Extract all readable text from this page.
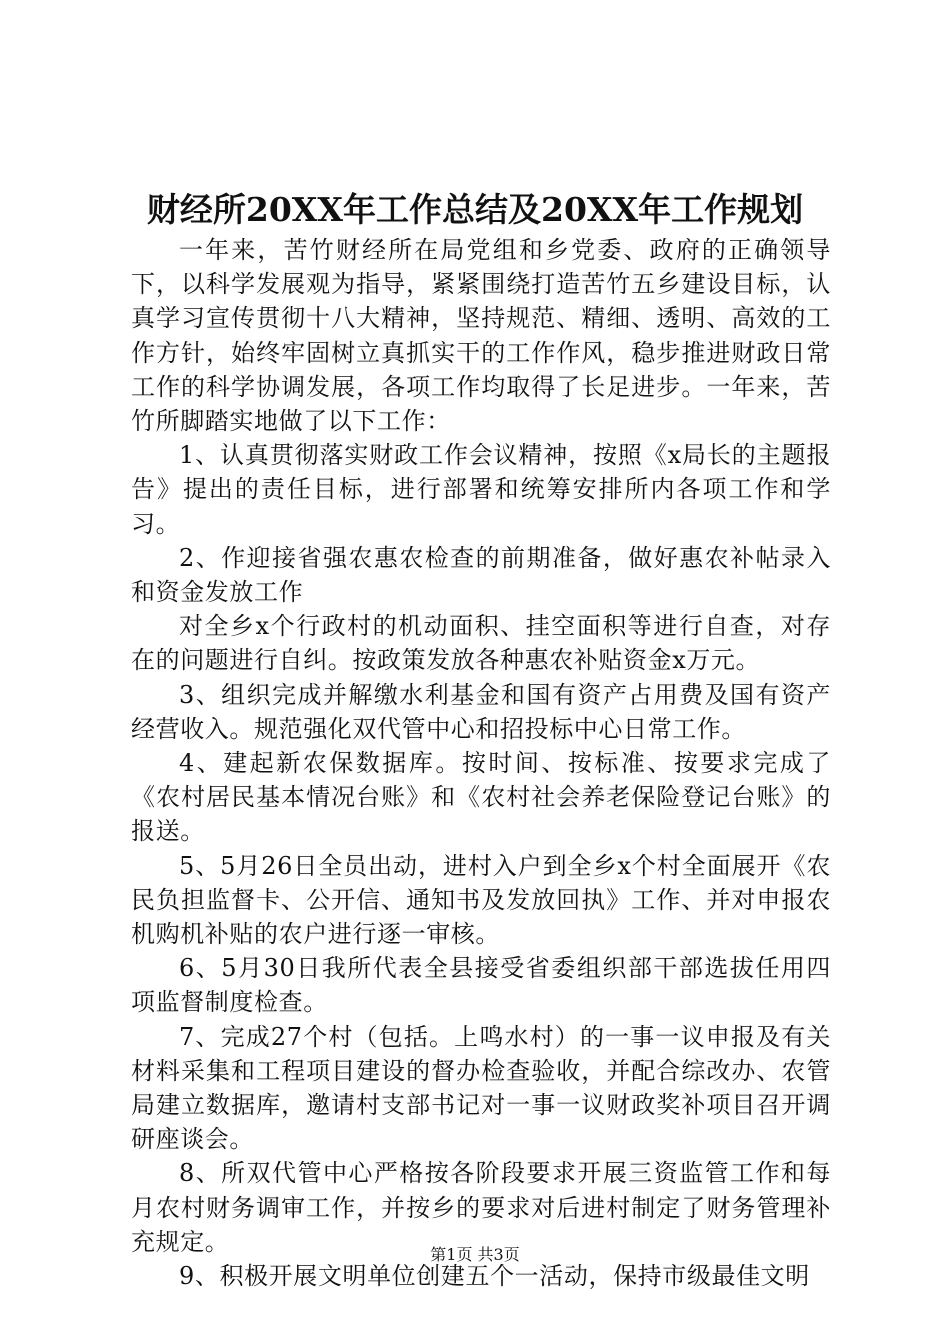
财经所20XX年工作总结及20XX年工作规划

一年来，苦竹财经所在局党组和乡党委、政府的正确领导下，以科学发展观为指导，紧紧围绕打造苦竹五乡建设目标，认真学习宣传贯彻十八大精神，坚持规范、精细、透明、高效的工作方针，始终牢固树立真抓实干的工作作风，稳步推进财政日常工作的科学协调发展，各项工作均取得了长足进步。一年来，苦竹所脚踏实地做了以下工作：

1、认真贯彻落实财政工作会议精神，按照《x局长的主题报告》提出的责任目标，进行部署和统筹安排所内各项工作和学习。

2、作迎接省强农惠农检查的前期准备，做好惠农补帖录入和资金发放工作

对全乡x个行政村的机动面积、挂空面积等进行自查，对存在的问题进行自纠。按政策发放各种惠农补贴资金x万元。

3、组织完成并解缴水利基金和国有资产占用费及国有资产经营收入。规范强化双代管中心和招投标中心日常工作。

4、建起新农保数据库。按时间、按标准、按要求完成了《农村居民基本情况台账》和《农村社会养老保险登记台账》的报送。

5、5月26日全员出动，进村入户到全乡x个村全面展开《农民负担监督卡、公开信、通知书及发放回执》工作、并对申报农机购机补贴的农户进行逐一审核。

6、5月30日我所代表全县接受省委组织部干部选拔任用四项监督制度检查。

7、完成27个村（包括。上鸣水村）的一事一议申报及有关材料采集和工程项目建设的督办检查验收，并配合综改办、农管局建立数据库，邀请村支部书记对一事一议财政奖补项目召开调研座谈会。

8、所双代管中心严格按各阶段要求开展三资监管工作和每月农村财务调审工作，并按乡的要求对后进村制定了财务管理补充规定。

9、积极开展文明单位创建五个一活动，保持市级最佳文明

第1页 共3页
